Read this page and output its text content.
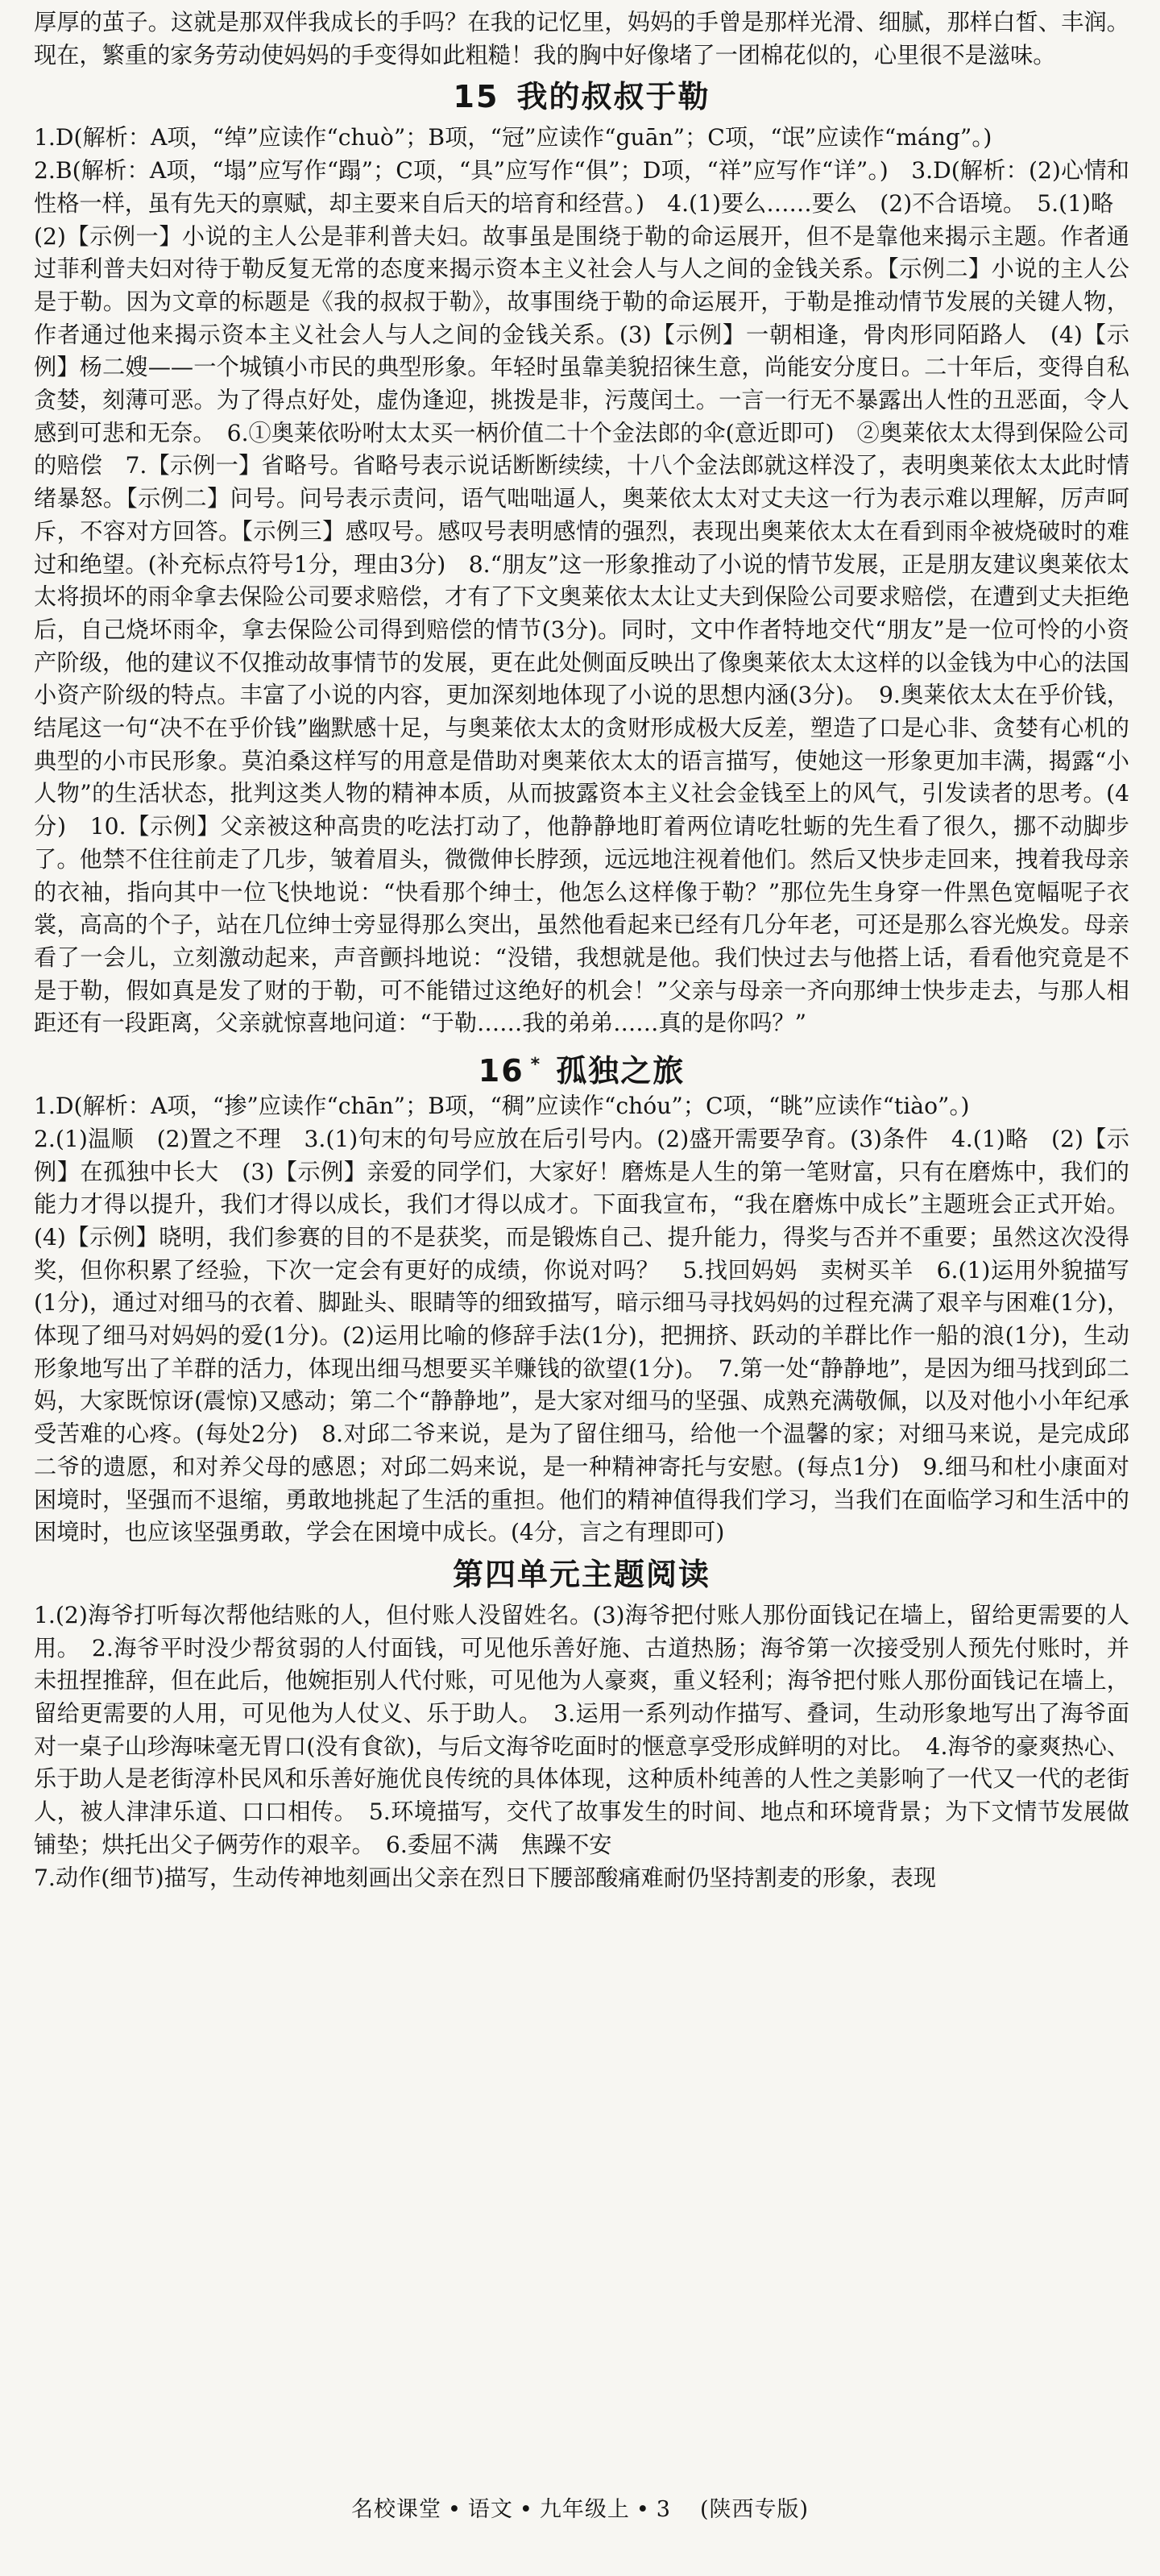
厚厚的茧子。这就是那双伴我成长的手吗？在我的记忆里，妈妈的手曾是那样光滑、细腻，那样白皙、丰润。现在，繁重的家务劳动使妈妈的手变得如此粗糙！我的胸中好像堵了一团棉花似的，心里很不是滋味。

15 我的叔叔于勒

1.D(解析：A项，“绰”应读作“chuò”；B项，“冠”应读作“guān”；C项，“氓”应读作“máng”。)

2.B(解析：A项，“塌”应写作“蹋”；C项，“具”应写作“俱”；D项，“祥”应写作“详”。)　3.D(解析：(2)心情和性格一样，虽有先天的禀赋，却主要来自后天的培育和经营。)　4.(1)要么……要么　(2)不合语境。　5.(1)略

(2)【示例一】小说的主人公是菲利普夫妇。故事虽是围绕于勒的命运展开，但不是靠他来揭示主题。作者通过菲利普夫妇对待于勒反复无常的态度来揭示资本主义社会人与人之间的金钱关系。【示例二】小说的主人公是于勒。因为文章的标题是《我的叔叔于勒》，故事围绕于勒的命运展开，于勒是推动情节发展的关键人物，作者通过他来揭示资本主义社会人与人之间的金钱关系。(3)【示例】一朝相逢，骨肉形同陌路人　(4)【示例】杨二嫂——一个城镇小市民的典型形象。年轻时虽靠美貌招徕生意，尚能安分度日。二十年后，变得自私贪婪，刻薄可恶。为了得点好处，虚伪逢迎，挑拨是非，污蔑闰土。一言一行无不暴露出人性的丑恶面，令人感到可悲和无奈。　6.①奥莱依吩咐太太买一柄价值二十个金法郎的伞(意近即可)　②奥莱依太太得到保险公司的赔偿　7.【示例一】省略号。省略号表示说话断断续续，十八个金法郎就这样没了，表明奥莱依太太此时情绪暴怒。【示例二】问号。问号表示责问，语气咄咄逼人，奥莱依太太对丈夫这一行为表示难以理解，厉声呵斥，不容对方回答。【示例三】感叹号。感叹号表明感情的强烈，表现出奥莱依太太在看到雨伞被烧破时的难过和绝望。(补充标点符号1分，理由3分)　8.“朋友”这一形象推动了小说的情节发展，正是朋友建议奥莱依太太将损坏的雨伞拿去保险公司要求赔偿，才有了下文奥莱依太太让丈夫到保险公司要求赔偿，在遭到丈夫拒绝后，自己烧坏雨伞，拿去保险公司得到赔偿的情节(3分)。同时，文中作者特地交代“朋友”是一位可怜的小资产阶级，他的建议不仅推动故事情节的发展，更在此处侧面反映出了像奥莱依太太这样的以金钱为中心的法国小资产阶级的特点。丰富了小说的内容，更加深刻地体现了小说的思想内涵(3分)。　9.奥莱依太太在乎价钱，结尾这一句“决不在乎价钱”幽默感十足，与奥莱依太太的贪财形成极大反差，塑造了口是心非、贪婪有心机的典型的小市民形象。莫泊桑这样写的用意是借助对奥莱依太太的语言描写，使她这一形象更加丰满，揭露“小人物”的生活状态，批判这类人物的精神本质，从而披露资本主义社会金钱至上的风气，引发读者的思考。(4分)　10.【示例】父亲被这种高贵的吃法打动了，他静静地盯着两位请吃牡蛎的先生看了很久，挪不动脚步了。他禁不住往前走了几步，皱着眉头，微微伸长脖颈，远远地注视着他们。然后又快步走回来，拽着我母亲的衣袖，指向其中一位飞快地说：“快看那个绅士，他怎么这样像于勒？”那位先生身穿一件黑色宽幅呢子衣裳，高高的个子，站在几位绅士旁显得那么突出，虽然他看起来已经有几分年老，可还是那么容光焕发。母亲看了一会儿，立刻激动起来，声音颤抖地说：“没错，我想就是他。我们快过去与他搭上话，看看他究竟是不是于勒，假如真是发了财的于勒，可不能错过这绝好的机会！”父亲与母亲一齐向那绅士快步走去，与那人相距还有一段距离，父亲就惊喜地问道：“于勒……我的弟弟……真的是你吗？”

16 * 孤独之旅

1.D(解析：A项，“掺”应读作“chān”；B项，“稠”应读作“chóu”；C项，“眺”应读作“tiào”。)

2.(1)温顺　(2)置之不理　3.(1)句末的句号应放在后引号内。(2)盛开需要孕育。(3)条件　4.(1)略　(2)【示例】在孤独中长大　(3)【示例】亲爱的同学们，大家好！磨炼是人生的第一笔财富，只有在磨炼中，我们的能力才得以提升，我们才得以成长，我们才得以成才。下面我宣布，“我在磨炼中成长”主题班会正式开始。(4)【示例】晓明，我们参赛的目的不是获奖，而是锻炼自己、提升能力，得奖与否并不重要；虽然这次没得奖，但你积累了经验，下次一定会有更好的成绩，你说对吗？　5.找回妈妈　卖树买羊　6.(1)运用外貌描写(1分)，通过对细马的衣着、脚趾头、眼睛等的细致描写，暗示细马寻找妈妈的过程充满了艰辛与困难(1分)，体现了细马对妈妈的爱(1分)。(2)运用比喻的修辞手法(1分)，把拥挤、跃动的羊群比作一船的浪(1分)，生动形象地写出了羊群的活力，体现出细马想要买羊赚钱的欲望(1分)。　7.第一处“静静地”，是因为细马找到邱二妈，大家既惊讶(震惊)又感动；第二个“静静地”，是大家对细马的坚强、成熟充满敬佩，以及对他小小年纪承受苦难的心疼。(每处2分)　8.对邱二爷来说，是为了留住细马，给他一个温馨的家；对细马来说，是完成邱二爷的遗愿，和对养父母的感恩；对邱二妈来说，是一种精神寄托与安慰。(每点1分)　9.细马和杜小康面对困境时，坚强而不退缩，勇敢地挑起了生活的重担。他们的精神值得我们学习，当我们在面临学习和生活中的困境时，也应该坚强勇敢，学会在困境中成长。(4分，言之有理即可)

第四单元主题阅读

1.(2)海爷打听每次帮他结账的人，但付账人没留姓名。(3)海爷把付账人那份面钱记在墙上，留给更需要的人用。　2.海爷平时没少帮贫弱的人付面钱，可见他乐善好施、古道热肠；海爷第一次接受别人预先付账时，并未扭捏推辞，但在此后，他婉拒别人代付账，可见他为人豪爽，重义轻利；海爷把付账人那份面钱记在墙上，留给更需要的人用，可见他为人仗义、乐于助人。　3.运用一系列动作描写、叠词，生动形象地写出了海爷面对一桌子山珍海味毫无胃口(没有食欲)，与后文海爷吃面时的惬意享受形成鲜明的对比。　4.海爷的豪爽热心、乐于助人是老街淳朴民风和乐善好施优良传统的具体体现，这种质朴纯善的人性之美影响了一代又一代的老街人，被人津津乐道、口口相传。　5.环境描写，交代了故事发生的时间、地点和环境背景；为下文情节发展做铺垫；烘托出父子俩劳作的艰辛。　6.委屈不满　焦躁不安

7.动作(细节)描写，生动传神地刻画出父亲在烈日下腰部酸痛难耐仍坚持割麦的形象，表现

名校课堂 • 语文 • 九年级上 • 3　 (陕西专版)
